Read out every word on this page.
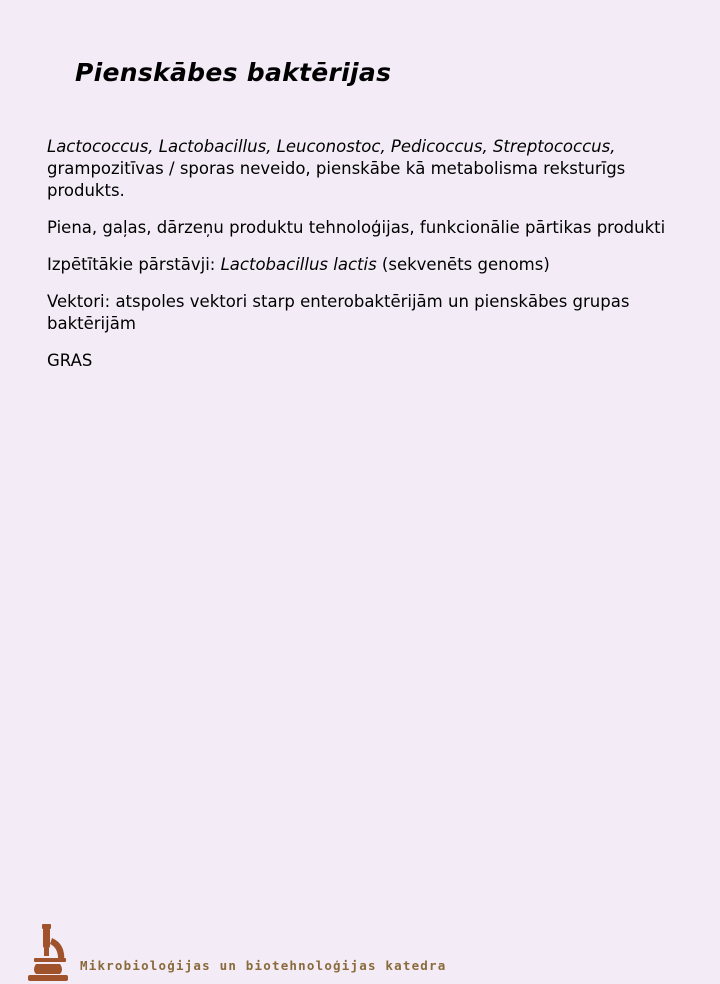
Pienskābes baktērijas

Lactococcus, Lactobacillus, Leuconostoc, Pedicoccus, Streptococcus, grampozitīvas / sporas neveido, pienskābe kā metabolisma reksturīgs produkts.

Piena, gaļas, dārzeņu produktu tehnoloģijas, funkcionālie pārtikas produkti

Izpētītākie pārstāvji: Lactobacillus lactis (sekvenēts genoms)

Vektori: atspoles vektori starp enterobaktērijām un pienskābes grupas baktērijām

GRAS

Mikrobioloģijas un biotehnoloģijas katedra
